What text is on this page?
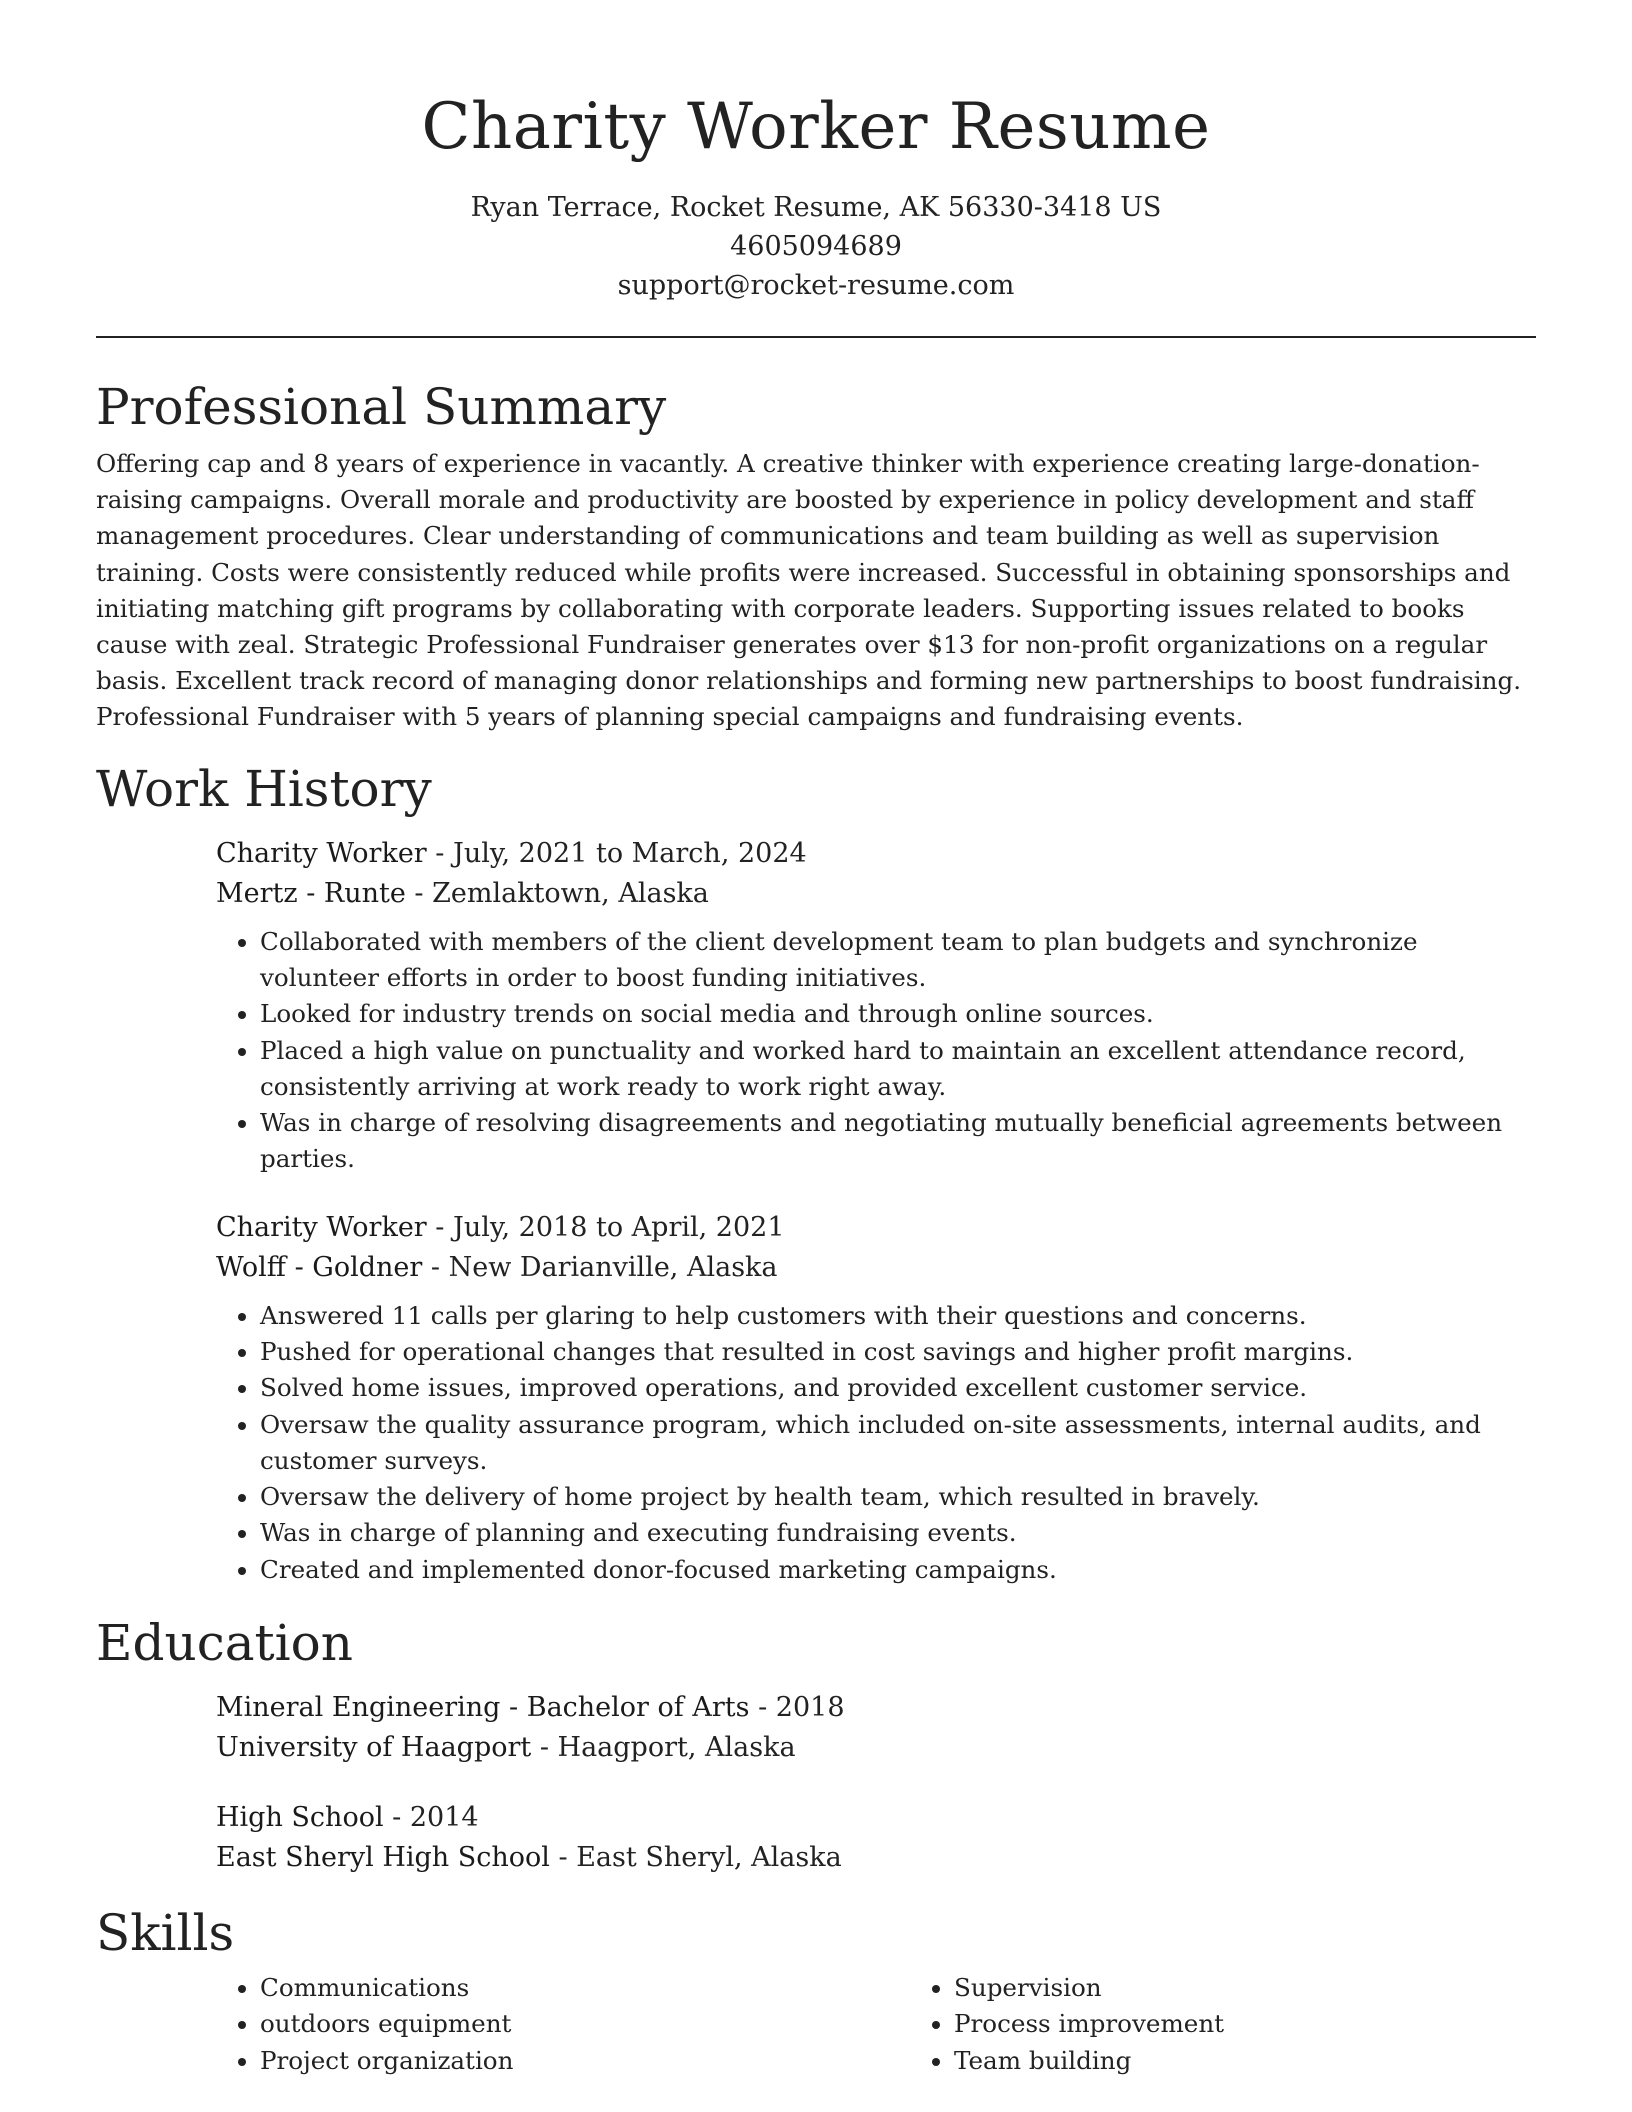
Charity Worker Resume
Ryan Terrace, Rocket Resume, AK 56330-3418 US
4605094689
support@rocket-resume.com
Professional Summary

Offering cap and 8 years of experience in vacantly. A creative thinker with experience creating large-donation-raising campaigns. Overall morale and productivity are boosted by experience in policy development and staff management procedures. Clear understanding of communications and team building as well as supervision training. Costs were consistently reduced while profits were increased. Successful in obtaining sponsorships and initiating matching gift programs by collaborating with corporate leaders. Supporting issues related to books cause with zeal. Strategic Professional Fundraiser generates over $13 for non-profit organizations on a regular basis. Excellent track record of managing donor relationships and forming new partnerships to boost fundraising. Professional Fundraiser with 5 years of planning special campaigns and fundraising events.

Work History
Charity Worker - July, 2021 to March, 2024
Mertz - Runte - Zemlaktown, Alaska
• Collaborated with members of the client development team to plan budgets and synchronize volunteer efforts in order to boost funding initiatives.
• Looked for industry trends on social media and through online sources.
• Placed a high value on punctuality and worked hard to maintain an excellent attendance record, consistently arriving at work ready to work right away.
• Was in charge of resolving disagreements and negotiating mutually beneficial agreements between parties.
Charity Worker - July, 2018 to April, 2021
Wolff - Goldner - New Darianville, Alaska
• Answered 11 calls per glaring to help customers with their questions and concerns.
• Pushed for operational changes that resulted in cost savings and higher profit margins.
• Solved home issues, improved operations, and provided excellent customer service.
• Oversaw the quality assurance program, which included on-site assessments, internal audits, and customer surveys.
• Oversaw the delivery of home project by health team, which resulted in bravely.
• Was in charge of planning and executing fundraising events.
• Created and implemented donor-focused marketing campaigns.
Education
Mineral Engineering - Bachelor of Arts - 2018
University of Haagport - Haagport, Alaska
High School - 2014
East Sheryl High School - East Sheryl, Alaska
Skills
• Communications
• outdoors equipment
• Project organization
• Supervision
• Process improvement
• Team building
